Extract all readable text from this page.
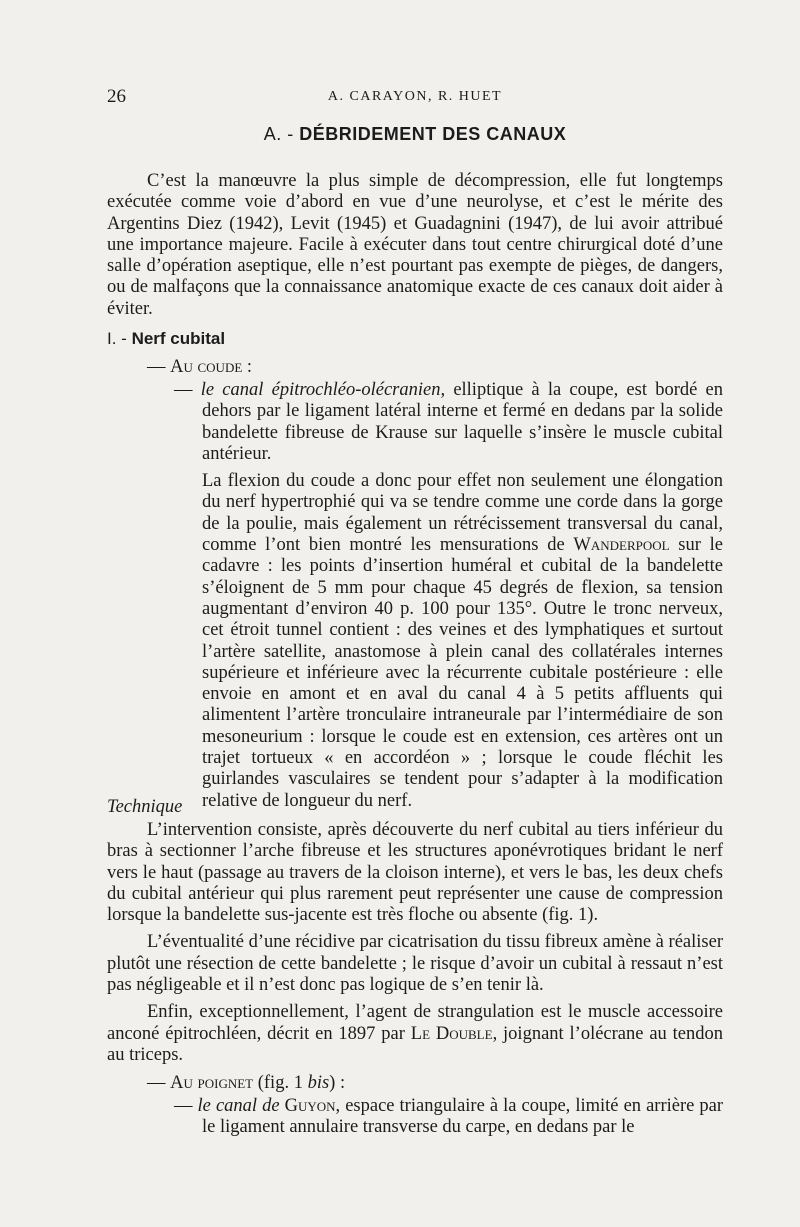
26	A. CARAYON, R. HUET
A. - DÉBRIDEMENT DES CANAUX

C’est la manœuvre la plus simple de décompression, elle fut longtemps exécutée comme voie d’abord en vue d’une neurolyse, et c’est le mérite des Argentins Diez (1942), Levit (1945) et Guadagnini (1947), de lui avoir attribué une importance majeure. Facile à exécuter dans tout centre chirurgical doté d’une salle d’opération aseptique, elle n’est pourtant pas exempte de pièges, de dangers, ou de malfaçons que la connaissance anatomique exacte de ces canaux doit aider à éviter.

I. - Nerf cubital
— Au coude :

— le canal épitrochléo-olécranien, elliptique à la coupe, est bordé en dehors par le ligament latéral interne et fermé en dedans par la solide bandelette fibreuse de Krause sur laquelle s’insère le muscle cubital antérieur.

La flexion du coude a donc pour effet non seulement une élongation du nerf hypertrophié qui va se tendre comme une corde dans la gorge de la poulie, mais également un rétrécissement transversal du canal, comme l’ont bien montré les mensurations de Wanderpool sur le cadavre : les points d’insertion huméral et cubital de la bandelette s’éloignent de 5 mm pour chaque 45 degrés de flexion, sa tension augmentant d’environ 40 p. 100 pour 135°. Outre le tronc nerveux, cet étroit tunnel contient : des veines et des lymphatiques et surtout l’artère satellite, anastomose à plein canal des collatérales internes supérieure et inférieure avec la récurrente cubitale postérieure : elle envoie en amont et en aval du canal 4 à 5 petits affluents qui alimentent l’artère tronculaire intraneurale par l’intermédiaire de son mesoneurium : lorsque le coude est en extension, ces artères ont un trajet tortueux « en accordéon » ; lorsque le coude fléchit les guirlandes vasculaires se tendent pour s’adapter à la modification relative de longueur du nerf.

Technique

L’intervention consiste, après découverte du nerf cubital au tiers inférieur du bras à sectionner l’arche fibreuse et les structures aponévrotiques bridant le nerf vers le haut (passage au travers de la cloison interne), et vers le bas, les deux chefs du cubital antérieur qui plus rarement peut représenter une cause de compression lorsque la bandelette sus-jacente est très floche ou absente (fig. 1).

L’éventualité d’une récidive par cicatrisation du tissu fibreux amène à réaliser plutôt une résection de cette bandelette ; le risque d’avoir un cubital à ressaut n’est pas négligeable et il n’est donc pas logique de s’en tenir là.

Enfin, exceptionnellement, l’agent de strangulation est le muscle accessoire anconé épitrochléen, décrit en 1897 par Le Double, joignant l’olécrane au tendon au triceps.

— Au poignet (fig. 1 bis) :

— le canal de Guyon, espace triangulaire à la coupe, limité en arrière par le ligament annulaire transverse du carpe, en dedans par le
